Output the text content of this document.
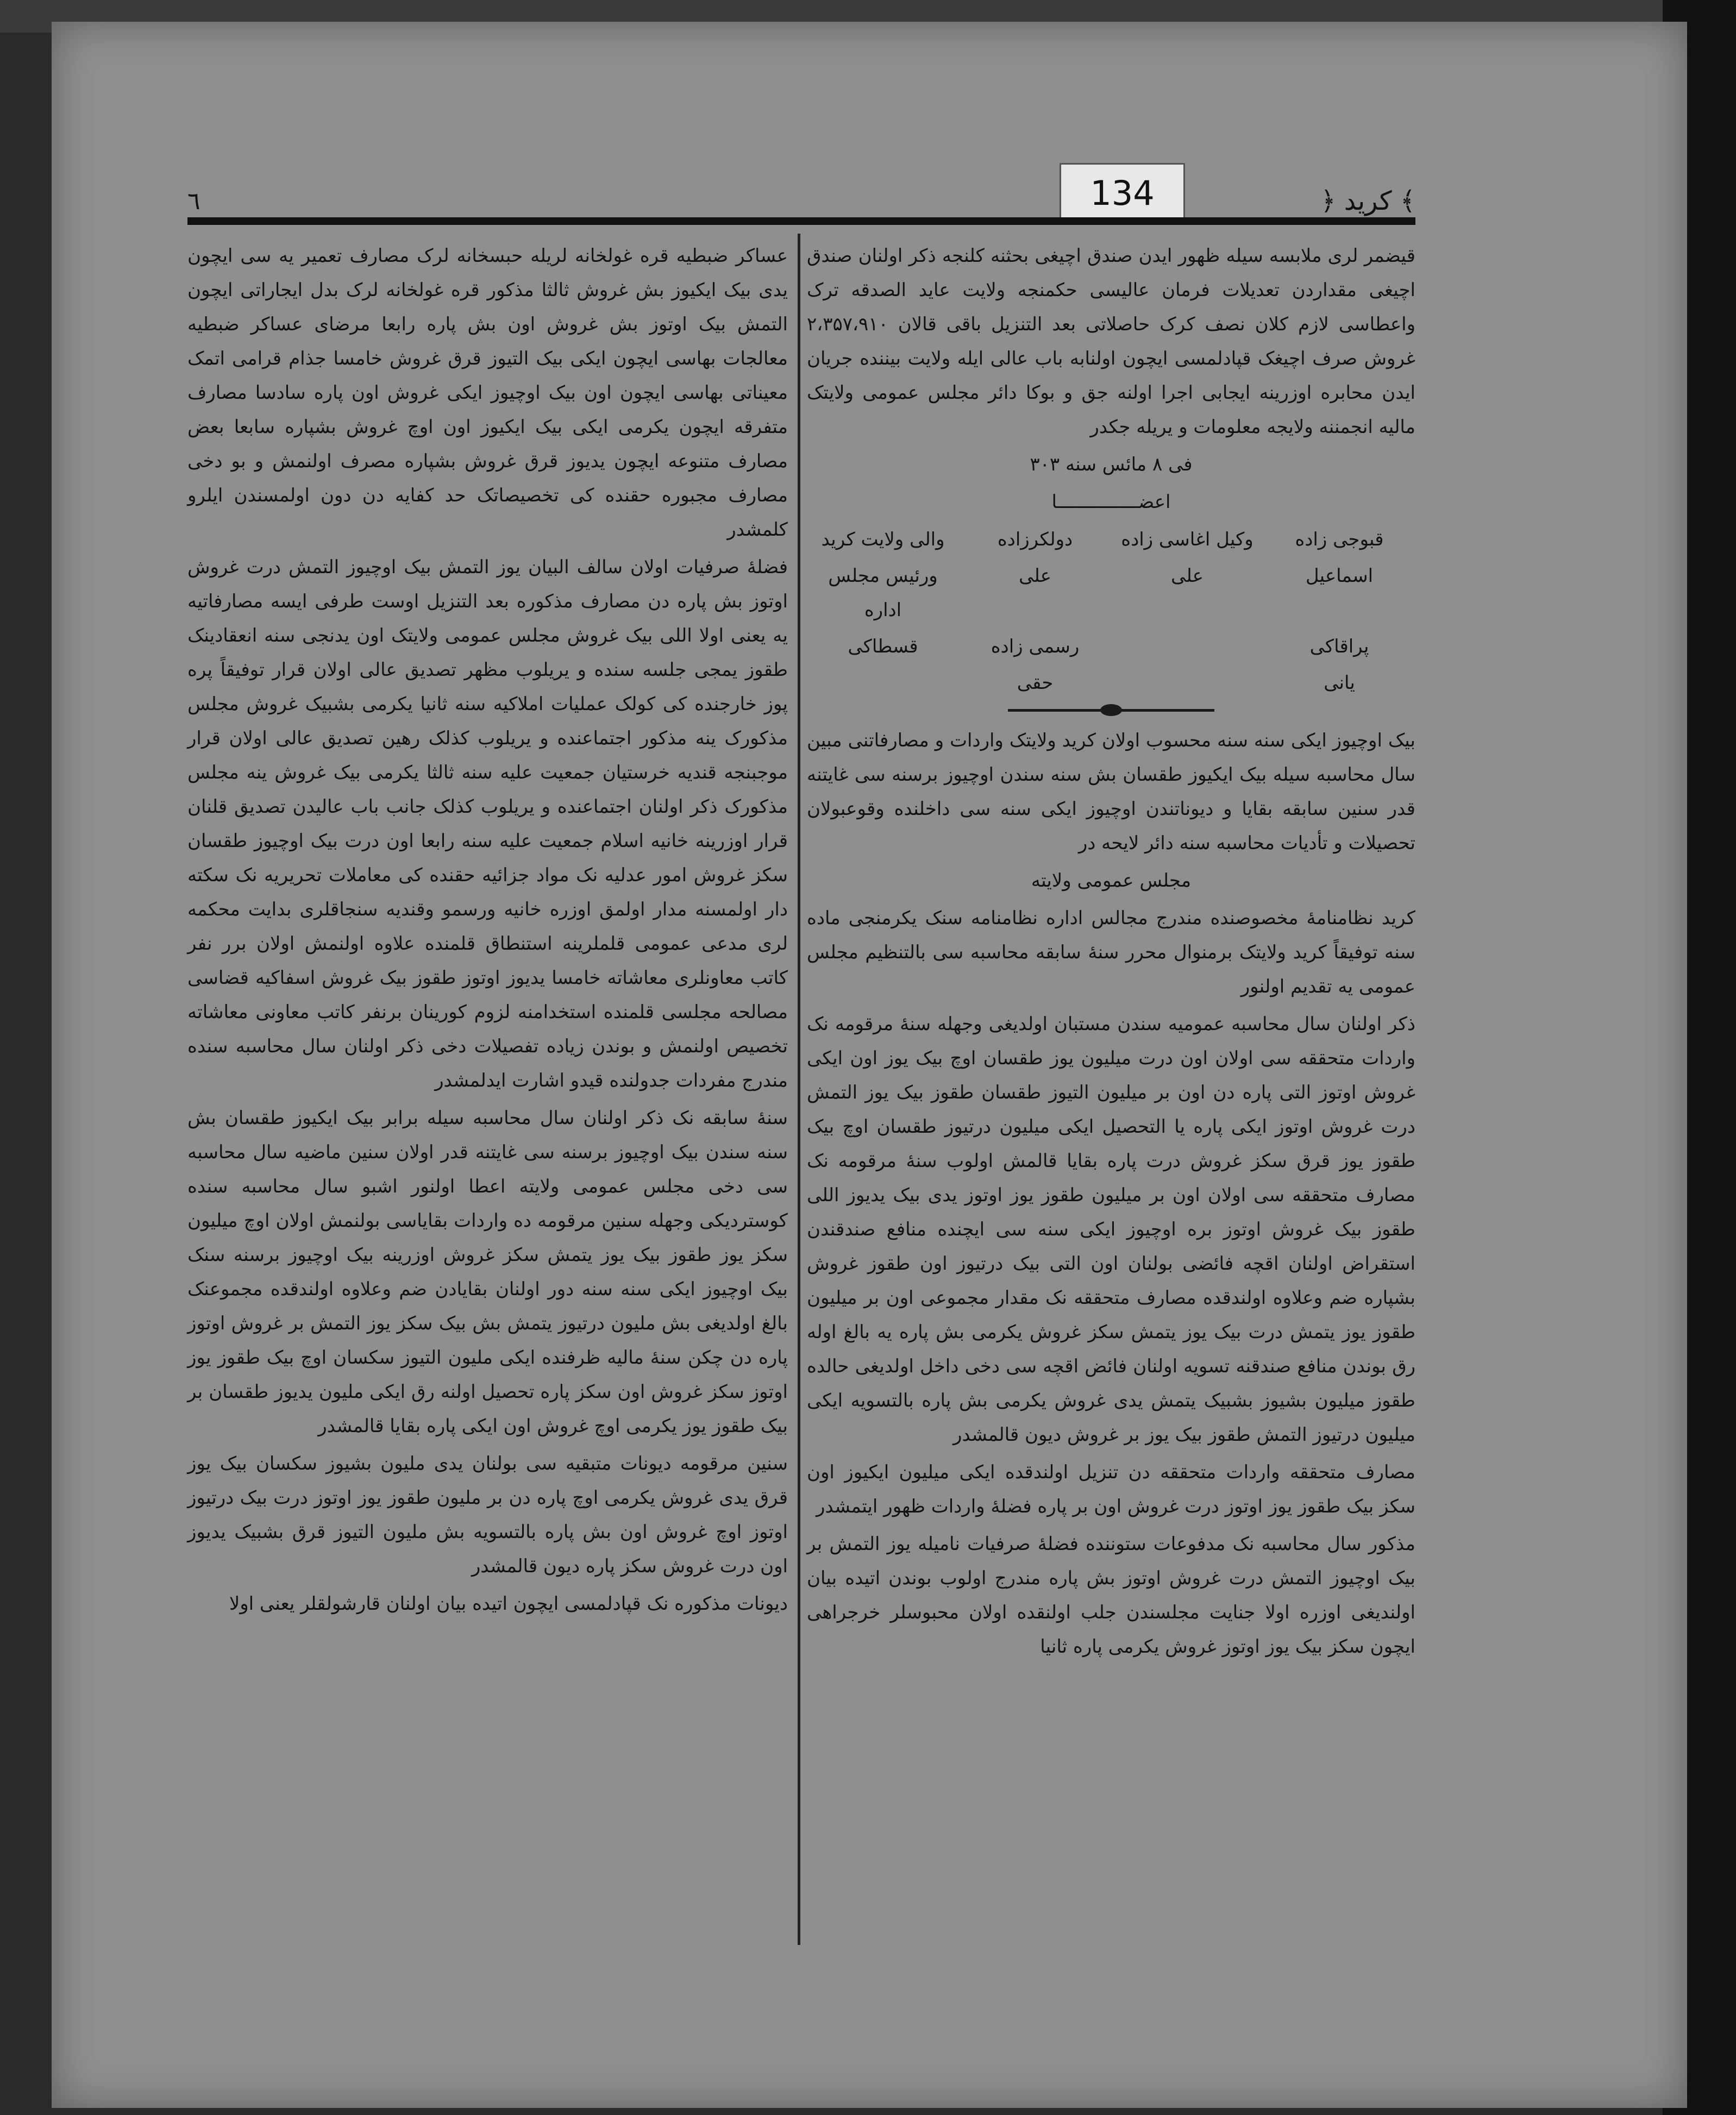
134
٦	﴾ کرید ﴿

قیضمر لری ملابسه سیله ظهور ایدن صندق اچیغی بحثنه کلنجه ذکر اولنان صندق اچیغی مقداردن تعدیلات فرمان عالیسی حکمنجه ولایت عاید الصدقه ترک واعطاسی لازم کلان نصف کرک حاصلاتی بعد التنزیل باقی قالان ۲،۳۵۷،۹۱۰ غروش صرف اچیغک قپادلمسی ایچون اولنابه باب عالی ایله ولایت بیننده جریان ایدن محابره اوزرینه ایجابی اجرا اولنه جق و بوکا دائر مجلس عمومی ولایتک مالیه انجمننه ولایجه معلومات و یریله جکدر

فی ٨ مائس سنه ٣٠٣

اعضـــــــــــــــا

قبوجی زاده
وکیل اغاسی زاده
دولکرزاده
والی ولایت کرید
اسماعیل
علی
علی
ورئیس مجلس اداره
پراقاکی
رسمی زاده
قسطاکی
یانی
حقی

بیک اوچیوز ایکی سنه سنه محسوب اولان کرید ولایتک واردات و مصارفاتنی مبین سال محاسبه سیله بیک ایکیوز طقسان بش سنه سندن اوچیوز برسنه سی غایتنه قدر سنین سابقه بقایا و دیوناتندن اوچیوز ایکی سنه سی داخلنده وقوعبولان تحصیلات و تأدیات محاسبه سنه دائر لایحه در

مجلس عمومی ولایته

کرید نظامنامهٔ مخصوصنده مندرج مجالس اداره نظامنامه سنک یکرمنجی ماده سنه توفیقاً کرید ولایتک برمنوال محرر سنهٔ سابقه محاسبه سی بالتنظیم مجلس عمومی یه تقدیم اولنور

ذکر اولنان سال محاسبه عمومیه سندن مستبان اولدیغی وجهله سنهٔ مرقومه نک واردات متحققه سی اولان اون درت میلیون یوز طقسان اوچ بیک یوز اون ایکی غروش اوتوز التی پاره دن اون بر میلیون التیوز طقسان طقوز بیک یوز التمش درت غروش اوتوز ایکی پاره یا التحصیل ایکی میلیون درتیوز طقسان اوچ بیک طقوز یوز قرق سکز غروش درت پاره بقایا قالمش اولوب سنهٔ مرقومه نک مصارف متحققه سی اولان اون بر میلیون طقوز یوز اوتوز یدی بیک یدیوز اللی طقوز بیک غروش اوتوز بره اوچیوز ایکی سنه سی ایچنده منافع صندقندن استقراض اولنان اقچه فائضی بولنان اون التی بیک درتیوز اون طقوز غروش بشپاره ضم وعلاوه اولندقده مصارف متحققه نک مقدار مجموعی اون بر میلیون طقوز یوز یتمش درت بیک یوز یتمش سکز غروش یکرمی بش پاره یه بالغ اوله رق بوندن منافع صندقنه تسویه اولنان فائض اقچه سی دخی داخل اولدیغی حالده طقوز میلیون بشیوز بشبیک یتمش یدی غروش یکرمی بش پاره بالتسویه ایکی میلیون درتیوز التمش طقوز بیک یوز بر غروش دیون قالمشدر

مصارف متحققه واردات متحققه دن تنزیل اولندقده ایکی میلیون ایکیوز اون سکز بیک طقوز یوز اوتوز درت غروش اون بر پاره فضلهٔ واردات ظهور ایتمشدر

مذکور سال محاسبه نک مدفوعات ستوننده فضلهٔ صرفیات نامیله یوز التمش بر بیک اوچیوز التمش درت غروش اوتوز بش پاره مندرج اولوب بوندن اتیده بیان اولندیغی اوزره اولا جنایت مجلسندن جلب اولنقده اولان محبوسلر خرجراهی ایچون سکز بیک یوز اوتوز غروش یکرمی پاره ثانیا

عساکر ضبطیه قره غولخانه لریله حبسخانه لرک مصارف تعمیر یه سی ایچون یدی بیک ایکیوز بش غروش ثالثا مذکور قره غولخانه لرک بدل ایجاراتی ایچون التمش بیک اوتوز بش غروش اون بش پاره رابعا مرضای عساکر ضبطیه معالجات بهاسی ایچون ایکی بیک التیوز قرق غروش خامسا جذام قرامی اتمک معیناتی بهاسی ایچون اون بیک اوچیوز ایکی غروش اون پاره سادسا مصارف متفرقه ایچون یکرمی ایکی بیک ایکیوز اون اوچ غروش بشپاره سابعا بعض مصارف متنوعه ایچون یدیوز قرق غروش بشپاره مصرف اولنمش و بو دخی مصارف مجبوره حقنده کی تخصیصاتک حد کفایه دن دون اولمسندن ایلرو کلمشدر

فضلهٔ صرفیات اولان سالف البیان یوز التمش بیک اوچیوز التمش درت غروش اوتوز بش پاره دن مصارف مذکوره بعد التنزیل اوست طرفی ایسه مصارفاتیه یه یعنی اولا اللی بیک غروش مجلس عمومی ولایتک اون یدنجی سنه انعقادینک طقوز یمجی جلسه سنده و یریلوب مظهر تصدیق عالی اولان قرار توفیقاً پره پوز خارجنده کی کولک عملیات املاکیه سنه ثانیا یکرمی بشبیک غروش مجلس مذکورک ینه مذکور اجتماعنده و یریلوب کذلک رهین تصدیق عالی اولان قرار موجبنجه قندیه خرستیان جمعیت علیه سنه ثالثا یکرمی بیک غروش ینه مجلس مذکورک ذکر اولنان اجتماعنده و یریلوب کذلک جانب باب عالیدن تصدیق قلنان قرار اوزرینه خانیه اسلام جمعیت علیه سنه رابعا اون درت بیک اوچیوز طقسان سکز غروش امور عدلیه نک مواد جزائیه حقنده کی معاملات تحریریه نک سکته دار اولمسنه مدار اولمق اوزره خانیه ورسمو وقندیه سنجاقلری بدایت محکمه لری مدعی عمومی قلملرینه استنطاق قلمنده علاوه اولنمش اولان برر نفر کاتب معاونلری معاشاته خامسا یدیوز اوتوز طقوز بیک غروش اسفاکیه قضاسی مصالحه مجلسی قلمنده استخدامنه لزوم کورینان برنفر کاتب معاونی معاشاته تخصیص اولنمش و بوندن زیاده تفصیلات دخی ذکر اولنان سال محاسبه سنده مندرج مفردات جدولنده قیدو اشارت ایدلمشدر

سنهٔ سابقه نک ذکر اولنان سال محاسبه سیله برابر بیک ایکیوز طقسان بش سنه سندن بیک اوچیوز برسنه سی غایتنه قدر اولان سنین ماضیه سال محاسبه سی دخی مجلس عمومی ولایته اعطا اولنور اشبو سال محاسبه سنده کوستردیکی وجهله سنین مرقومه ده واردات بقایاسی بولنمش اولان اوچ میلیون سکز یوز طقوز بیک یوز یتمش سکز غروش اوزرینه بیک اوچیوز برسنه سنک بیک اوچیوز ایکی سنه سنه دور اولنان بقایادن ضم وعلاوه اولندقده مجموعنک بالغ اولدیغی بش ملیون درتیوز یتمش بش بیک سکز یوز التمش بر غروش اوتوز پاره دن چکن سنهٔ مالیه ظرفنده ایکی ملیون التیوز سکسان اوچ بیک طقوز یوز اوتوز سکز غروش اون سکز پاره تحصیل اولنه رق ایکی ملیون یدیوز طقسان بر بیک طقوز یوز یکرمی اوچ غروش اون ایکی پاره بقایا قالمشدر

سنین مرقومه دیونات متبقیه سی بولنان یدی ملیون بشیوز سکسان بیک یوز قرق یدی غروش یکرمی اوچ پاره دن بر ملیون طقوز یوز اوتوز درت بیک درتیوز اوتوز اوچ غروش اون بش پاره بالتسویه بش ملیون التیوز قرق بشبیک یدیوز اون درت غروش سکز پاره دیون قالمشدر

دیونات مذکوره نک قپادلمسی ایچون اتیده بیان اولنان قارشولقلر یعنی اولا
